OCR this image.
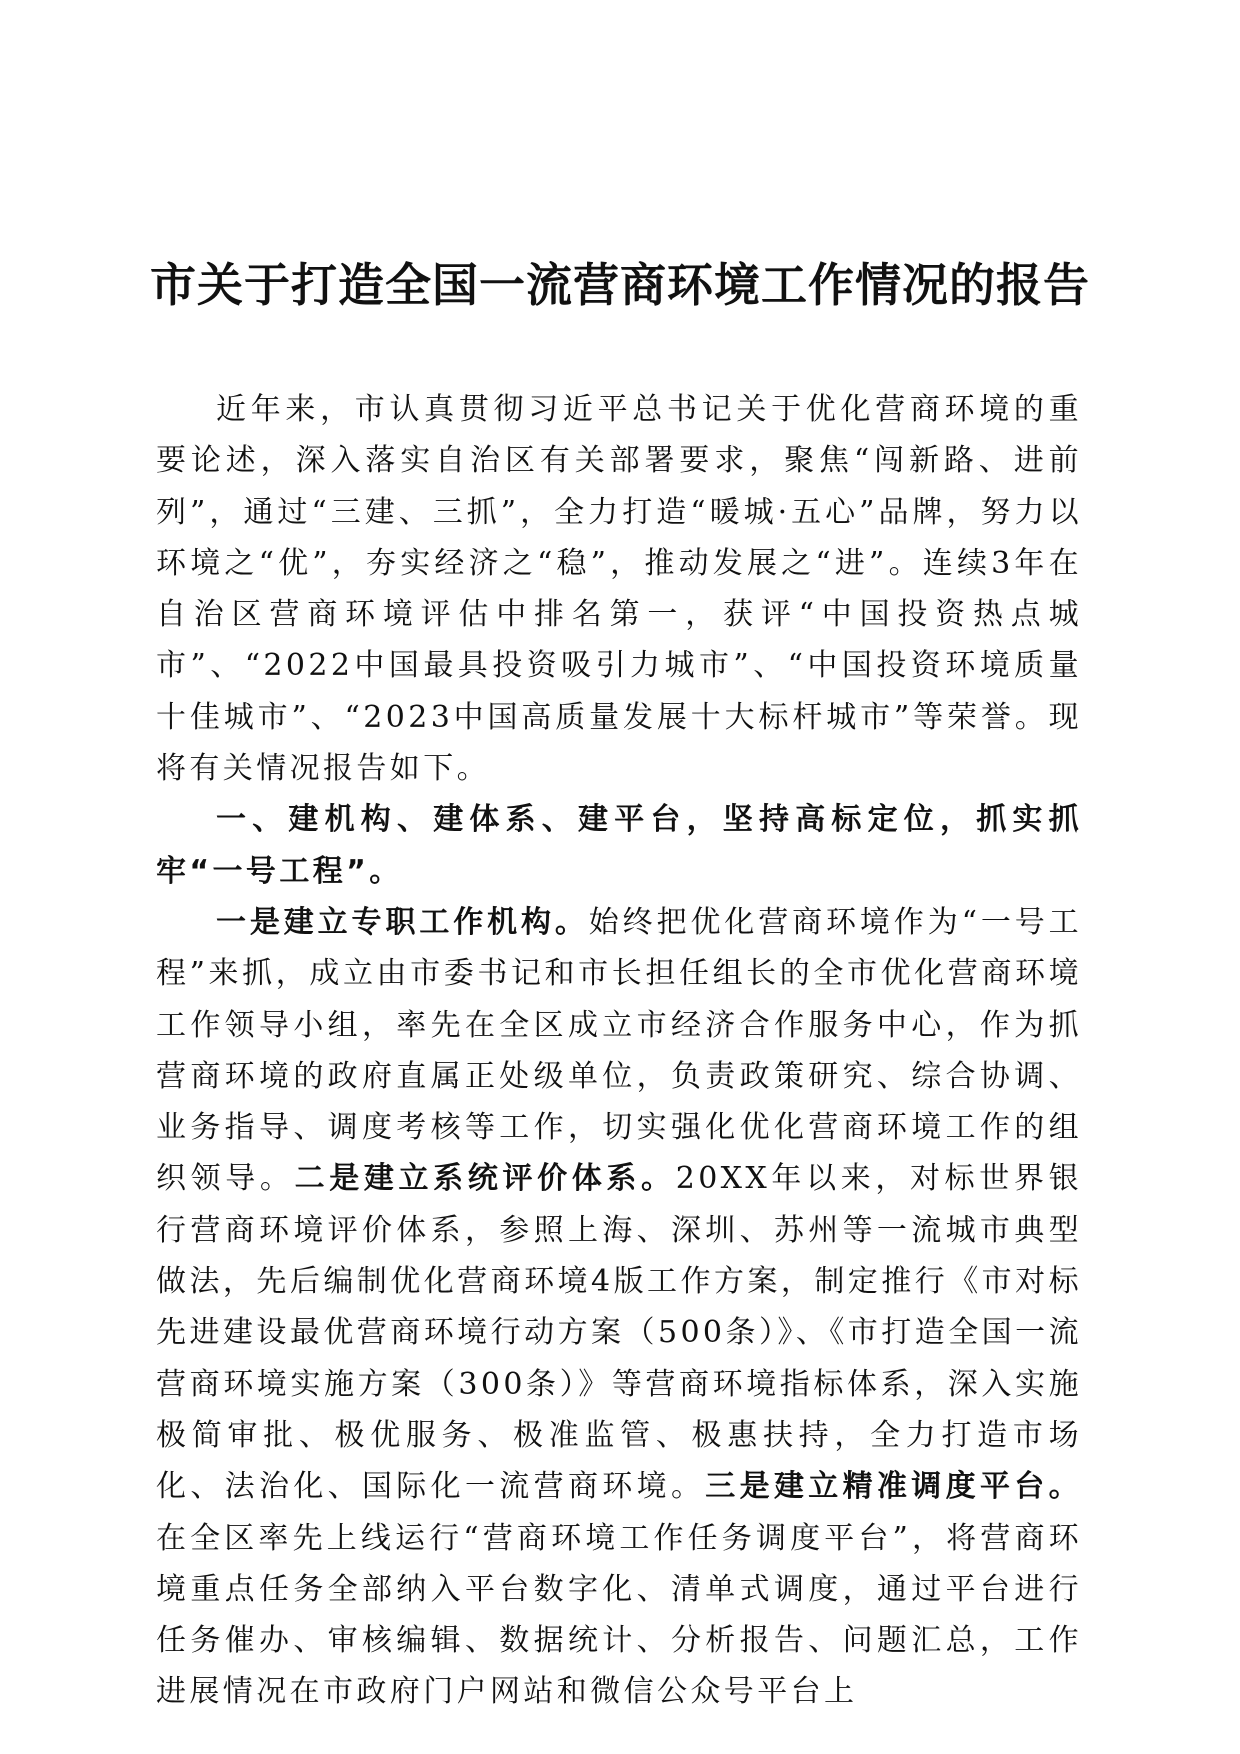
市关于打造全国一流营商环境工作情况的报告

近年来，市认真贯彻习近平总书记关于优化营商环境的重要论述，深入落实自治区有关部署要求，聚焦“闯新路、进前列”，通过“三建、三抓”，全力打造“暖城·五心”品牌，努力以环境之“优”，夯实经济之“稳”，推动发展之“进”。连续3年在自治区营商环境评估中排名第一，获评“中国投资热点城市”、“2022中国最具投资吸引力城市”、“中国投资环境质量十佳城市”、“2023中国高质量发展十大标杆城市”等荣誉。现将有关情况报告如下。

一、建机构、建体系、建平台，坚持高标定位，抓实抓牢“一号工程”。

一是建立专职工作机构。始终把优化营商环境作为“一号工程”来抓，成立由市委书记和市长担任组长的全市优化营商环境工作领导小组，率先在全区成立市经济合作服务中心，作为抓营商环境的政府直属正处级单位，负责政策研究、综合协调、业务指导、调度考核等工作，切实强化优化营商环境工作的组织领导。二是建立系统评价体系。20XX年以来，对标世界银行营商环境评价体系，参照上海、深圳、苏州等一流城市典型做法，先后编制优化营商环境4版工作方案，制定推行《市对标先进建设最优营商环境行动方案（500条）》、《市打造全国一流营商环境实施方案（300条）》等营商环境指标体系，深入实施极简审批、极优服务、极准监管、极惠扶持，全力打造市场化、法治化、国际化一流营商环境。三是建立精准调度平台。在全区率先上线运行“营商环境工作任务调度平台”，将营商环境重点任务全部纳入平台数字化、清单式调度，通过平台进行任务催办、审核编辑、数据统计、分析报告、问题汇总，工作进展情况在市政府门户网站和微信公众号平台上
